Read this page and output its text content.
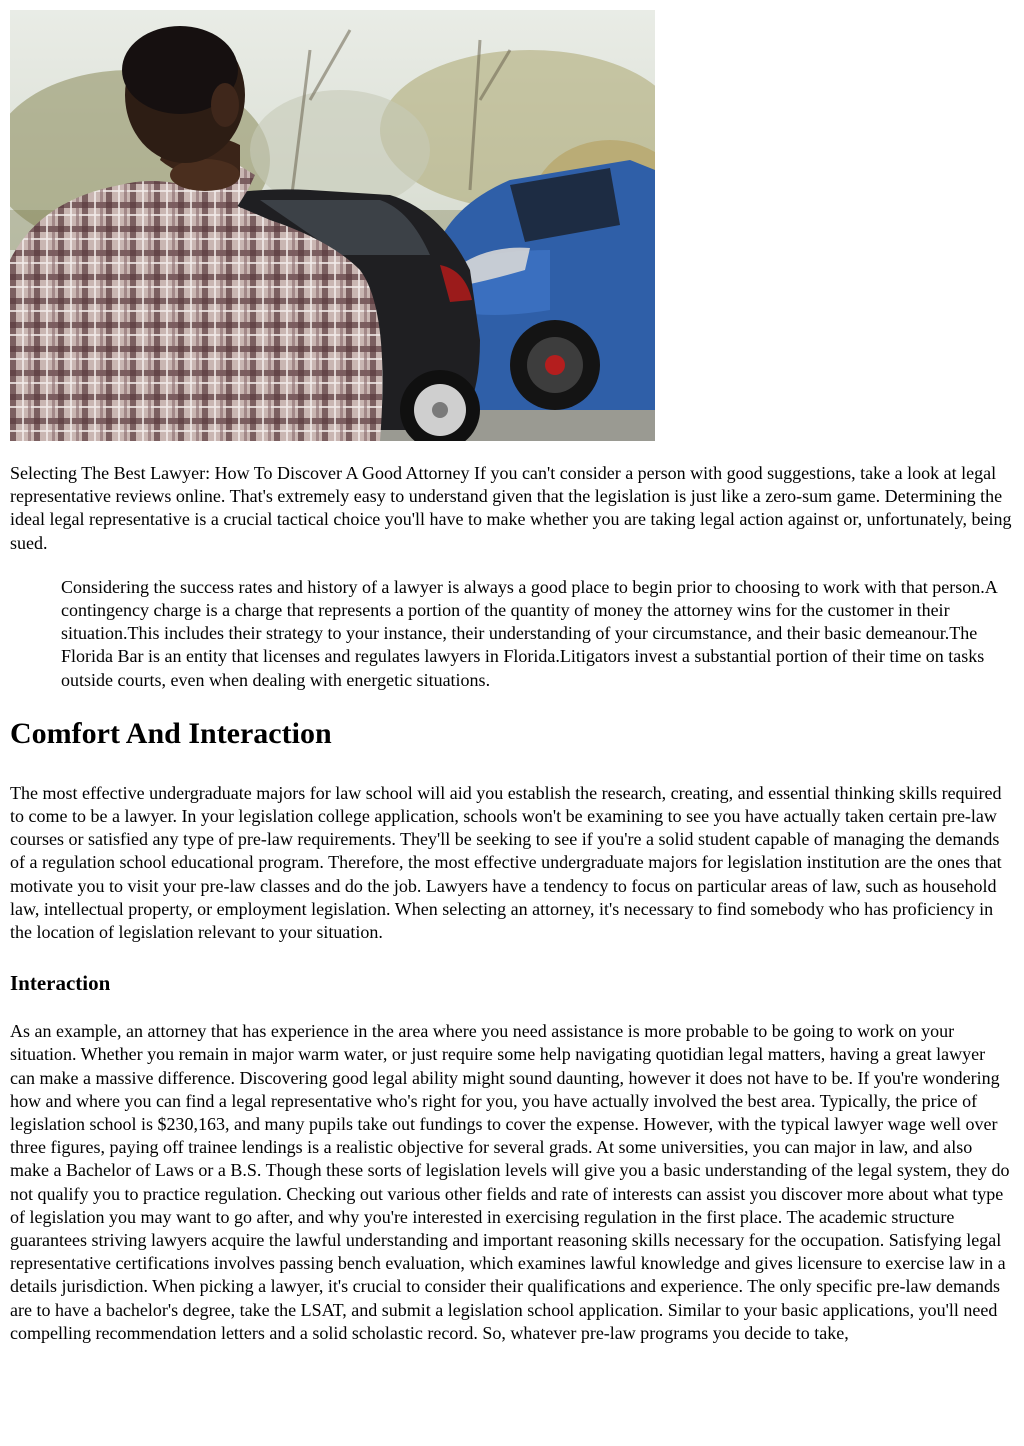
Selecting The Best Lawyer: How To Discover A Good Attorney If you can't consider a person with good suggestions, take a look at legal representative reviews online. That's extremely easy to understand given that the legislation is just like a zero-sum game. Determining the ideal legal representative is a crucial tactical choice you'll have to make whether you are taking legal action against or, unfortunately, being sued.

Considering the success rates and history of a lawyer is always a good place to begin prior to choosing to work with that person.A contingency charge is a charge that represents a portion of the quantity of money the attorney wins for the customer in their situation.This includes their strategy to your instance, their understanding of your circumstance, and their basic demeanour.The Florida Bar is an entity that licenses and regulates lawyers in Florida.Litigators invest a substantial portion of their time on tasks outside courts, even when dealing with energetic situations.
Comfort And Interaction

The most effective undergraduate majors for law school will aid you establish the research, creating, and essential thinking skills required to come to be a lawyer. In your legislation college application, schools won't be examining to see you have actually taken certain pre-law courses or satisfied any type of pre-law requirements. They'll be seeking to see if you're a solid student capable of managing the demands of a regulation school educational program. Therefore, the most effective undergraduate majors for legislation institution are the ones that motivate you to visit your pre-law classes and do the job. Lawyers have a tendency to focus on particular areas of law, such as household law, intellectual property, or employment legislation. When selecting an attorney, it's necessary to find somebody who has proficiency in the location of legislation relevant to your situation.

Interaction

As an example, an attorney that has experience in the area where you need assistance is more probable to be going to work on your situation. Whether you remain in major warm water, or just require some help navigating quotidian legal matters, having a great lawyer can make a massive difference. Discovering good legal ability might sound daunting, however it does not have to be. If you're wondering how and where you can find a legal representative who's right for you, you have actually involved the best area. Typically, the price of legislation school is $230,163, and many pupils take out fundings to cover the expense. However, with the typical lawyer wage well over three figures, paying off trainee lendings is a realistic objective for several grads. At some universities, you can major in law, and also make a Bachelor of Laws or a B.S. Though these sorts of legislation levels will give you a basic understanding of the legal system, they do not qualify you to practice regulation. Checking out various other fields and rate of interests can assist you discover more about what type of legislation you may want to go after, and why you're interested in exercising regulation in the first place. The academic structure guarantees striving lawyers acquire the lawful understanding and important reasoning skills necessary for the occupation. Satisfying legal representative certifications involves passing bench evaluation, which examines lawful knowledge and gives licensure to exercise law in a details jurisdiction. When picking a lawyer, it's crucial to consider their qualifications and experience. The only specific pre-law demands are to have a bachelor's degree, take the LSAT, and submit a legislation school application. Similar to your basic applications, you'll need compelling recommendation letters and a solid scholastic record. So, whatever pre-law programs you decide to take,
